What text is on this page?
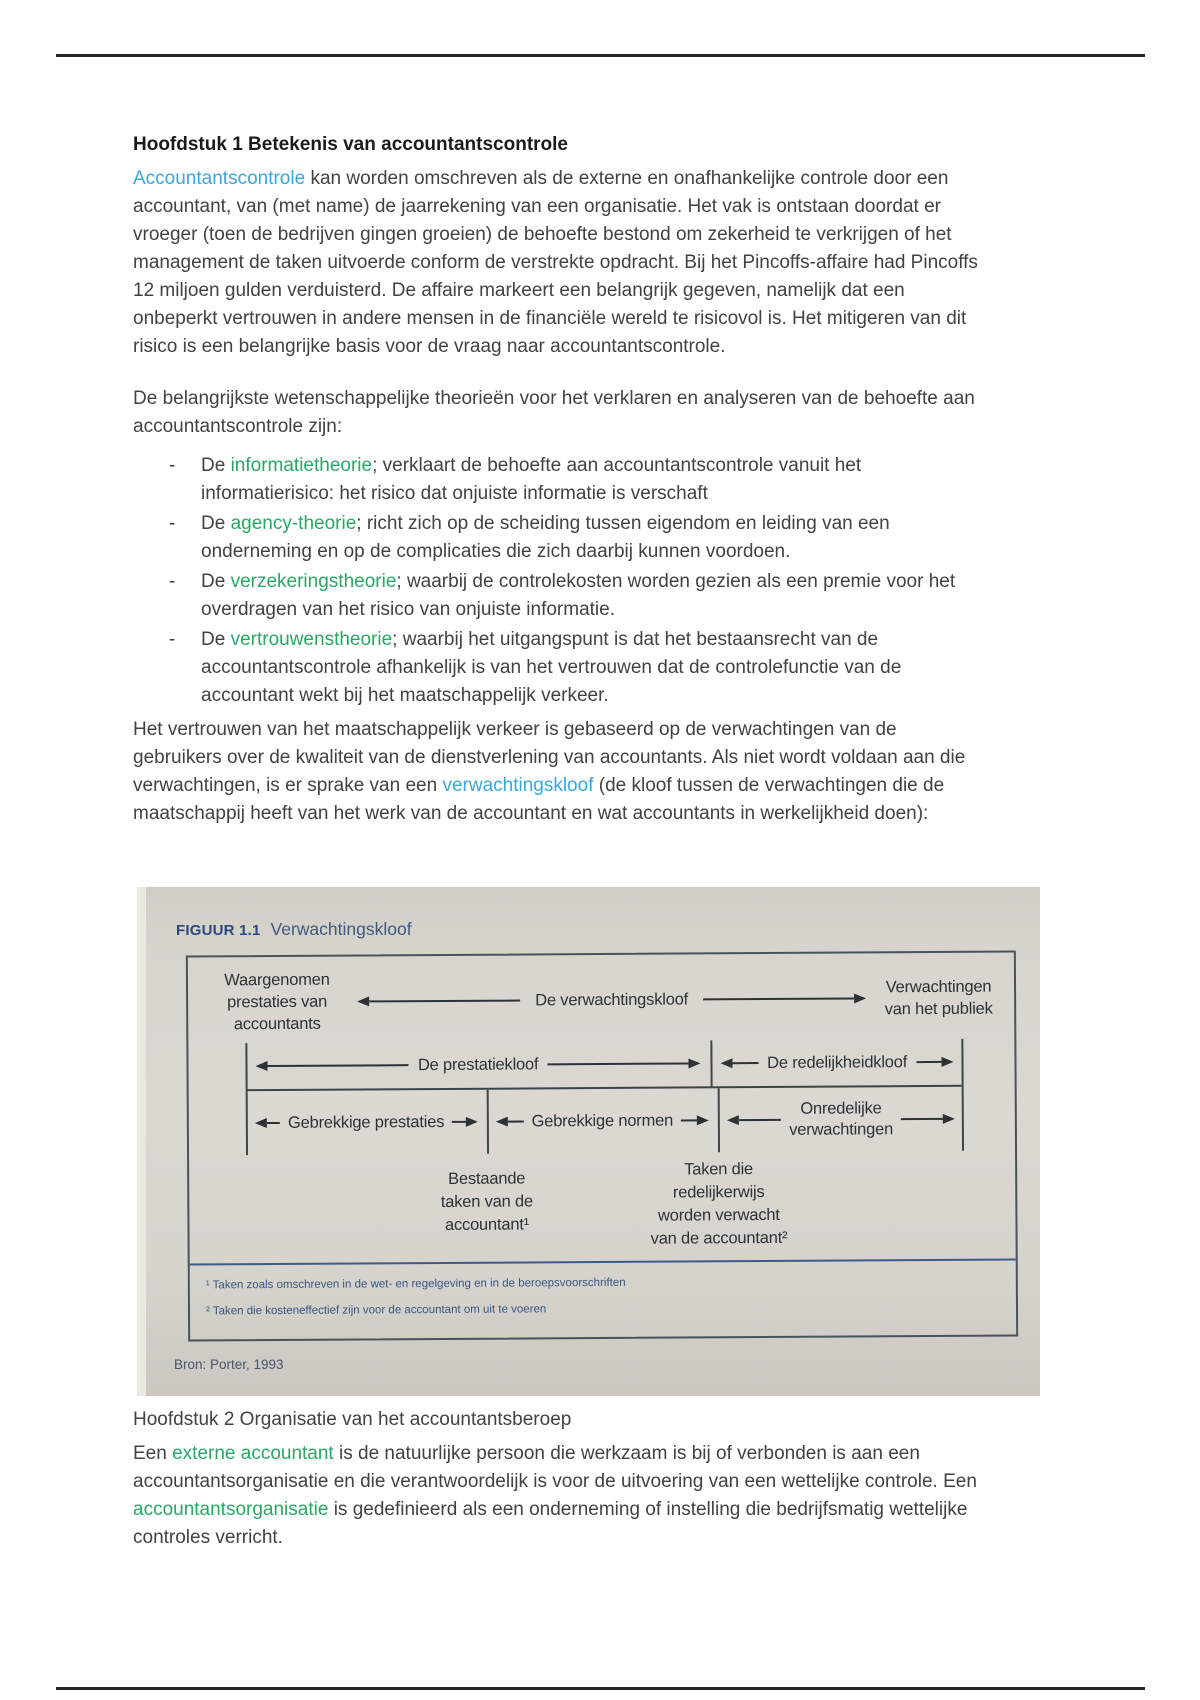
Hoofdstuk 1 Betekenis van accountantscontrole
Accountantscontrole kan worden omschreven als de externe en onafhankelijke controle door een
accountant, van (met name) de jaarrekening van een organisatie. Het vak is ontstaan doordat er
vroeger (toen de bedrijven gingen groeien) de behoefte bestond om zekerheid te verkrijgen of het
management de taken uitvoerde conform de verstrekte opdracht. Bij het Pincoffs-affaire had Pincoffs
12 miljoen gulden verduisterd. De affaire markeert een belangrijk gegeven, namelijk dat een
onbeperkt vertrouwen in andere mensen in de financiële wereld te risicovol is. Het mitigeren van dit
risico is een belangrijke basis voor de vraag naar accountantscontrole.
De belangrijkste wetenschappelijke theorieën voor het verklaren en analyseren van de behoefte aan
accountantscontrole zijn:
-	De informatietheorie; verklaart de behoefte aan accountantscontrole vanuit het
informatierisico: het risico dat onjuiste informatie is verschaft
-	De agency-theorie; richt zich op de scheiding tussen eigendom en leiding van een
onderneming en op de complicaties die zich daarbij kunnen voordoen.
-	De verzekeringstheorie; waarbij de controlekosten worden gezien als een premie voor het
overdragen van het risico van onjuiste informatie.
-	De vertrouwenstheorie; waarbij het uitgangspunt is dat het bestaansrecht van de
accountantscontrole afhankelijk is van het vertrouwen dat de controlefunctie van de
accountant wekt bij het maatschappelijk verkeer.
Het vertrouwen van het maatschappelijk verkeer is gebaseerd op de verwachtingen van de
gebruikers over de kwaliteit van de dienstverlening van accountants. Als niet wordt voldaan aan die
verwachtingen, is er sprake van een verwachtingskloof (de kloof tussen de verwachtingen die de
maatschappij heeft van het werk van de accountant en wat accountants in werkelijkheid doen):
FIGUUR 1.1 Verwachtingskloof
Waargenomen
prestaties van
accountants
De verwachtingskloof
Verwachtingen
van het publiek
De prestatiekloof	De redelijkheidkloof
Gebrekkige prestaties	Gebrekkige normen
Onredelijke
verwachtingen
Bestaande
taken van de
accountant¹
Taken die
redelijkerwijs
worden verwacht
van de accountant²
¹ Taken zoals omschreven in de wet- en regelgeving en in de beroepsvoorschriften
² Taken die kosteneffectief zijn voor de accountant om uit te voeren
Bron: Porter, 1993
Hoofdstuk 2 Organisatie van het accountantsberoep
Een externe accountant is de natuurlijke persoon die werkzaam is bij of verbonden is aan een
accountantsorganisatie en die verantwoordelijk is voor de uitvoering van een wettelijke controle. Een
accountantsorganisatie is gedefinieerd als een onderneming of instelling die bedrijfsmatig wettelijke
controles verricht.
